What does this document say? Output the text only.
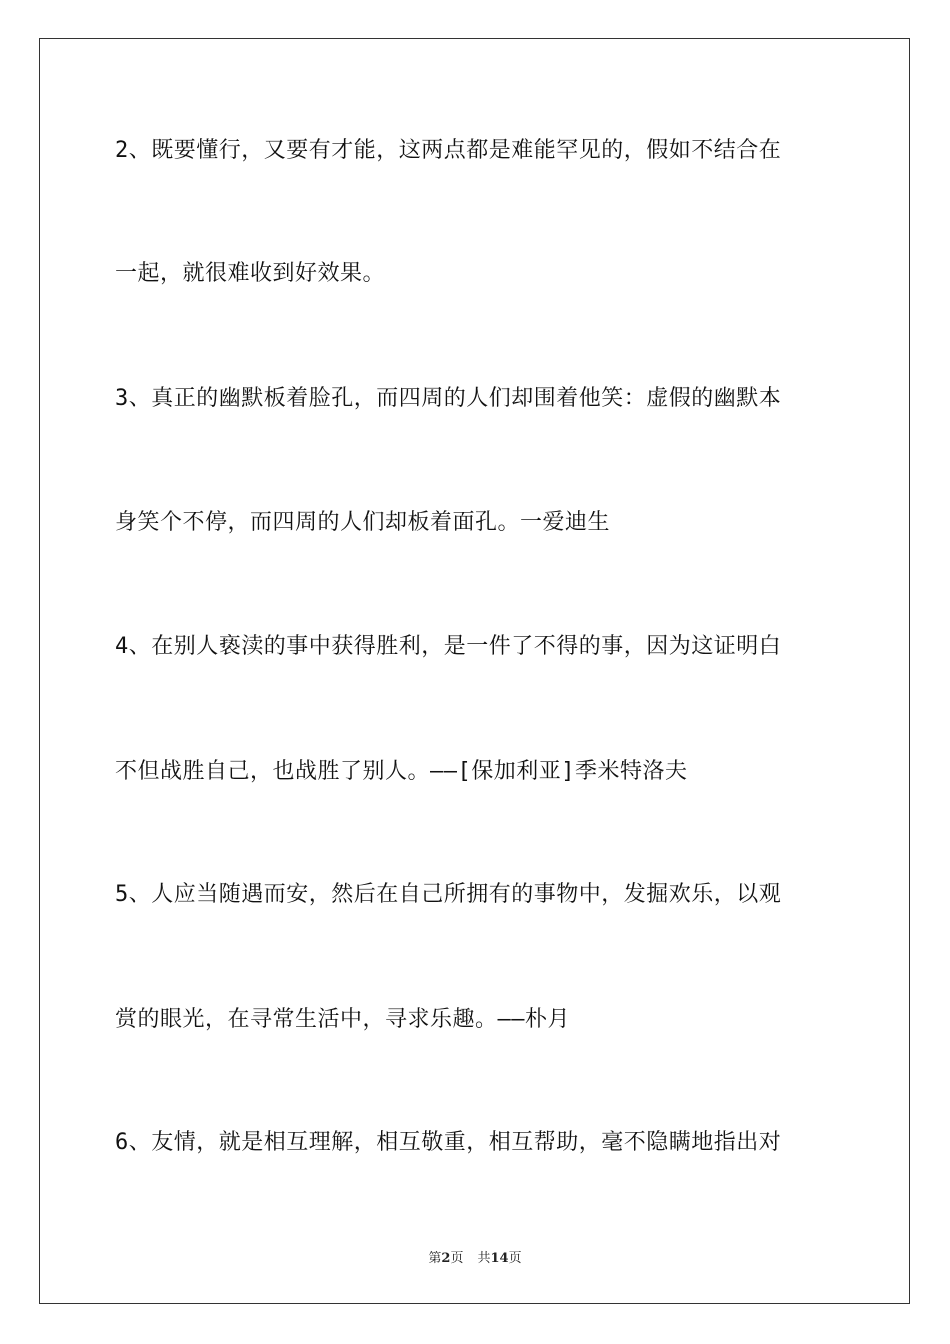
2、既要懂行，又要有才能，这两点都是难能罕见的，假如不结合在
一起，就很难收到好效果。
3、真正的幽默板着脸孔，而四周的人们却围着他笑：虚假的幽默本
身笑个不停，而四周的人们却板着面孔。一爱迪生
4、在别人亵渎的事中获得胜利，是一件了不得的事，因为这证明白
不但战胜自己，也战胜了别人。——[保加利亚]季米特洛夫
5、人应当随遇而安，然后在自己所拥有的事物中，发掘欢乐，以观
赏的眼光，在寻常生活中，寻求乐趣。——朴月
6、友情，就是相互理解，相互敬重，相互帮助，毫不隐瞒地指出对
第2页 共14页
